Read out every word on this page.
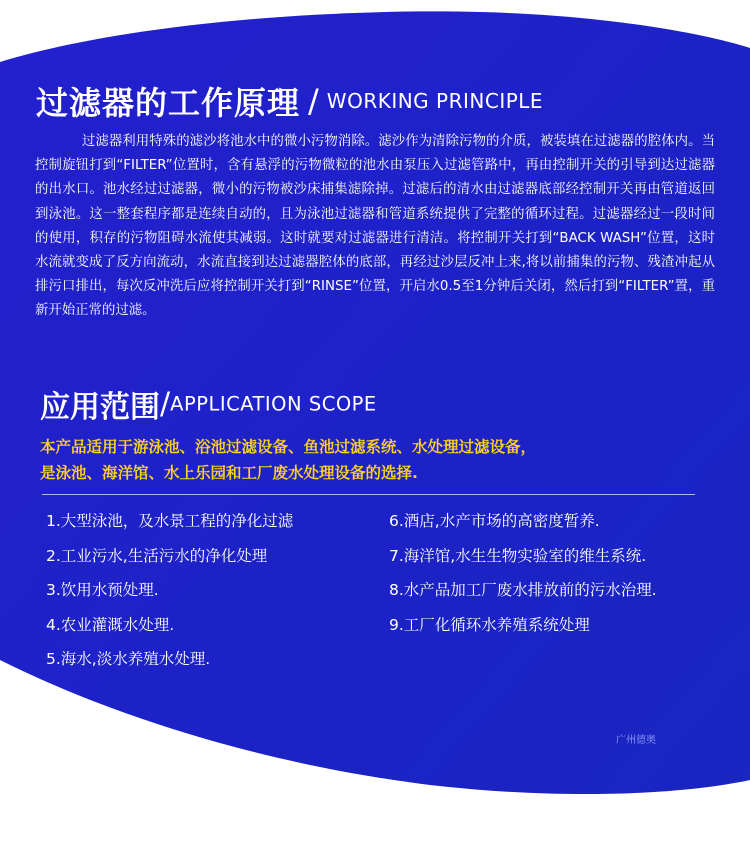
过滤器的工作原理 / WORKING PRINCIPLE

过滤器利用特殊的滤沙将池水中的微小污物消除。滤沙作为清除污物的介质，被装填在过滤器的腔体内。当控制旋钮打到“FILTER”位置时，含有悬浮的污物微粒的池水由泵压入过滤管路中，再由控制开关的引导到达过滤器的出水口。池水经过过滤器，微小的污物被沙床捕集滤除掉。过滤后的清水由过滤器底部经控制开关再由管道返回到泳池。这一整套程序都是连续自动的，且为泳池过滤器和管道系统提供了完整的循环过程。过滤器经过一段时间的使用，积存的污物阻碍水流使其减弱。这时就要对过滤器进行清洁。将控制开关打到“BACK WASH”位置，这时水流就变成了反方向流动，水流直接到达过滤器腔体的底部，再经过沙层反冲上来,将以前捕集的污物、残渣冲起从排污口排出，每次反冲洗后应将控制开关打到“RINSE”位置，开启水0.5至1分钟后关闭，然后打到“FILTER”置，重新开始正常的过滤。

应用范围/APPLICATION SCOPE
本产品适用于游泳池、浴池过滤设备、鱼池过滤系统、水处理过滤设备，
是泳池、海洋馆、水上乐园和工厂废水处理设备的选择.
1.大型泳池，及水景工程的净化过滤
2.工业污水,生活污水的净化处理
3.饮用水预处理.
4.农业灌溉水处理.
5.海水,淡水养殖水处理.
6.酒店,水产市场的高密度暂养.
7.海洋馆,水生生物实验室的维生系统.
8.水产品加工厂废水排放前的污水治理.
9.工厂化循环水养殖系统处理
广州德奥
